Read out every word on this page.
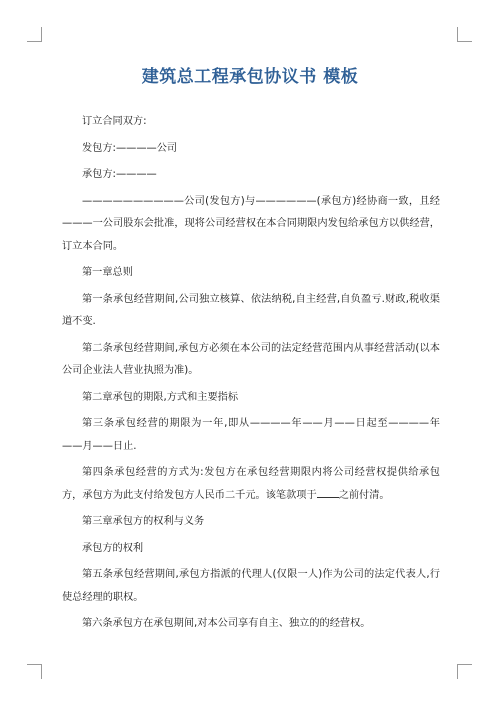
建筑总工程承包协议书 模板

订立合同双方:

发包方:————公司

承包方:————

——————————公司(发包方)与——————(承包方)经协商一致，且经———一公司股东会批准，现将公司经营权在本合同期限内发包给承包方以供经营，订立本合同。

第一章总则

第一条承包经营期间,公司独立核算、依法纳税,自主经营,自负盈亏.财政,税收渠道不变.

第二条承包经营期间,承包方必须在本公司的法定经营范围内从事经营活动(以本公司企业法人营业执照为准)。

第二章承包的期限,方式和主要指标

第三条承包经营的期限为一年,即从————年——月——日起至————年——月——日止.

第四条承包经营的方式为:发包方在承包经营期限内将公司经营权提供给承包方，承包方为此支付给发包方人民币二千元。该笔款项于 之前付清。

第三章承包方的权利与义务

承包方的权利

第五条承包经营期间,承包方指派的代理人(仅限一人)作为公司的法定代表人,行使总经理的职权。

第六条承包方在承包期间,对本公司享有自主、独立的的经营权。
